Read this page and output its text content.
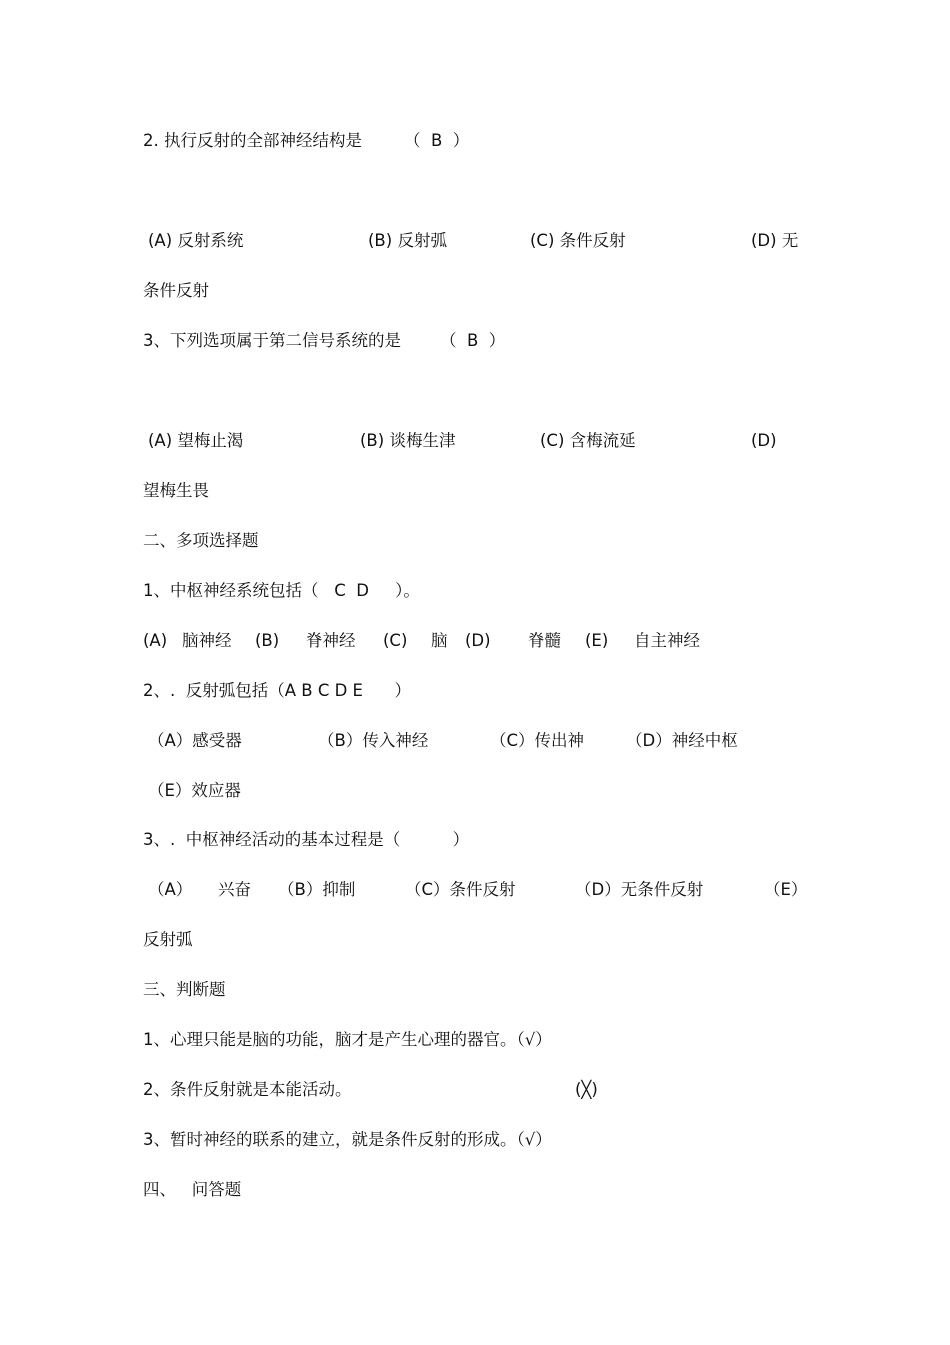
2. 执行反射的全部神经结构是	（  B  ）
(A) 反射系统	(B) 反射弧	(C) 条件反射	(D) 无
条件反射
3、下列选项属于第二信号系统的是 （  B  ）
(A) 望梅止渴	(B) 谈梅生津	(C) 含梅流延	(D)
望梅生畏
二、多项选择题
1、中枢神经系统包括（   C  D     ）。
(A) 脑神经 (B) 脊神经 (C) 脑 (D) 脊髓 (E) 自主神经
2、.  反射弧包括（A B C D E      ）
（A）感受器	（B）传入神经	（C）传出神	（D）神经中枢
（E）效应器
3、.  中枢神经活动的基本过程是（          ）
（A） 兴奋 （B）抑制	（C）条件反射	（D）无条件反射	（E）
反射弧
三、判断题
1、心理只能是脑的功能，脑才是产生心理的器官。（√）
2、条件反射就是本能活动。	(╳)
3、暂时神经的联系的建立，就是条件反射的形成。（√）
四、   问答题
